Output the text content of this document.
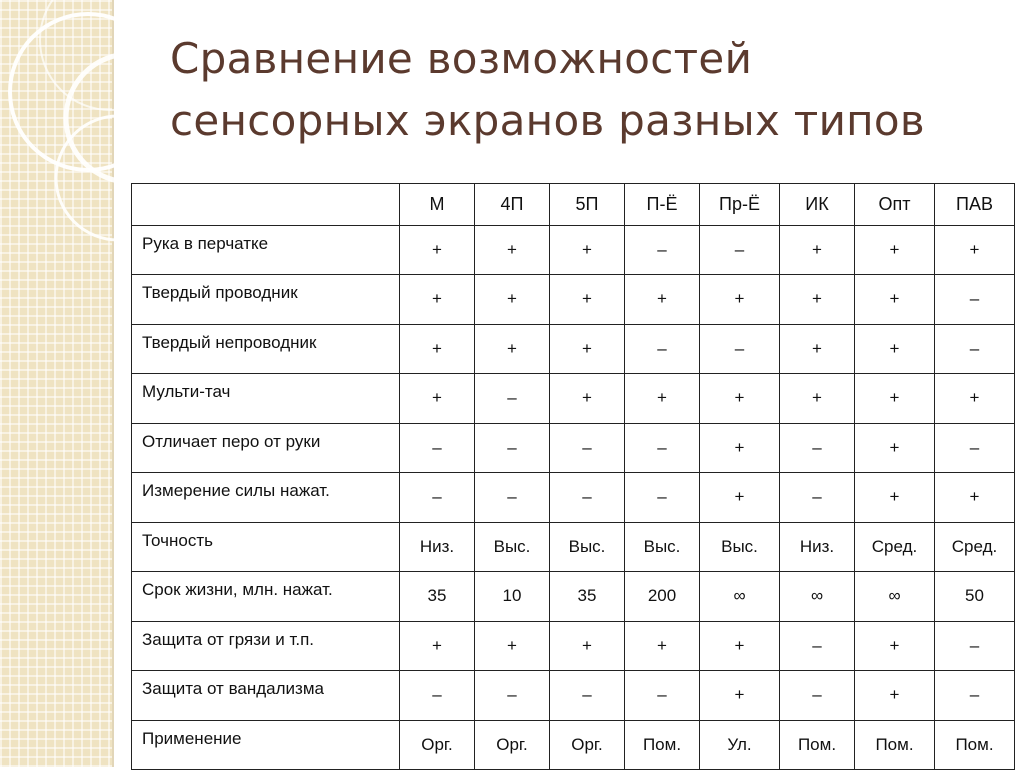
Сравнение возможностей
сенсорных экранов разных типов
	М	4П	5П	П-Ё	Пр-Ё	ИК	Опт	ПАВ
Рука в перчатке	+	+	+	–	–	+	+	+
Твердый проводник	+	+	+	+	+	+	+	–
Твердый непроводник	+	+	+	–	–	+	+	–
Мульти-тач	+	–	+	+	+	+	+	+
Отличает перо от руки	–	–	–	–	+	–	+	–
Измерение силы нажат.	–	–	–	–	+	–	+	+
Точность	Низ.	Выс.	Выс.	Выс.	Выс.	Низ.	Сред.	Сред.
Срок жизни, млн. нажат.	35	10	35	200	∞	∞	∞	50
Защита от грязи и т.п.	+	+	+	+	+	–	+	–
Защита от вандализма	–	–	–	–	+	–	+	–
Применение	Орг.	Орг.	Орг.	Пом.	Ул.	Пом.	Пом.	Пом.
